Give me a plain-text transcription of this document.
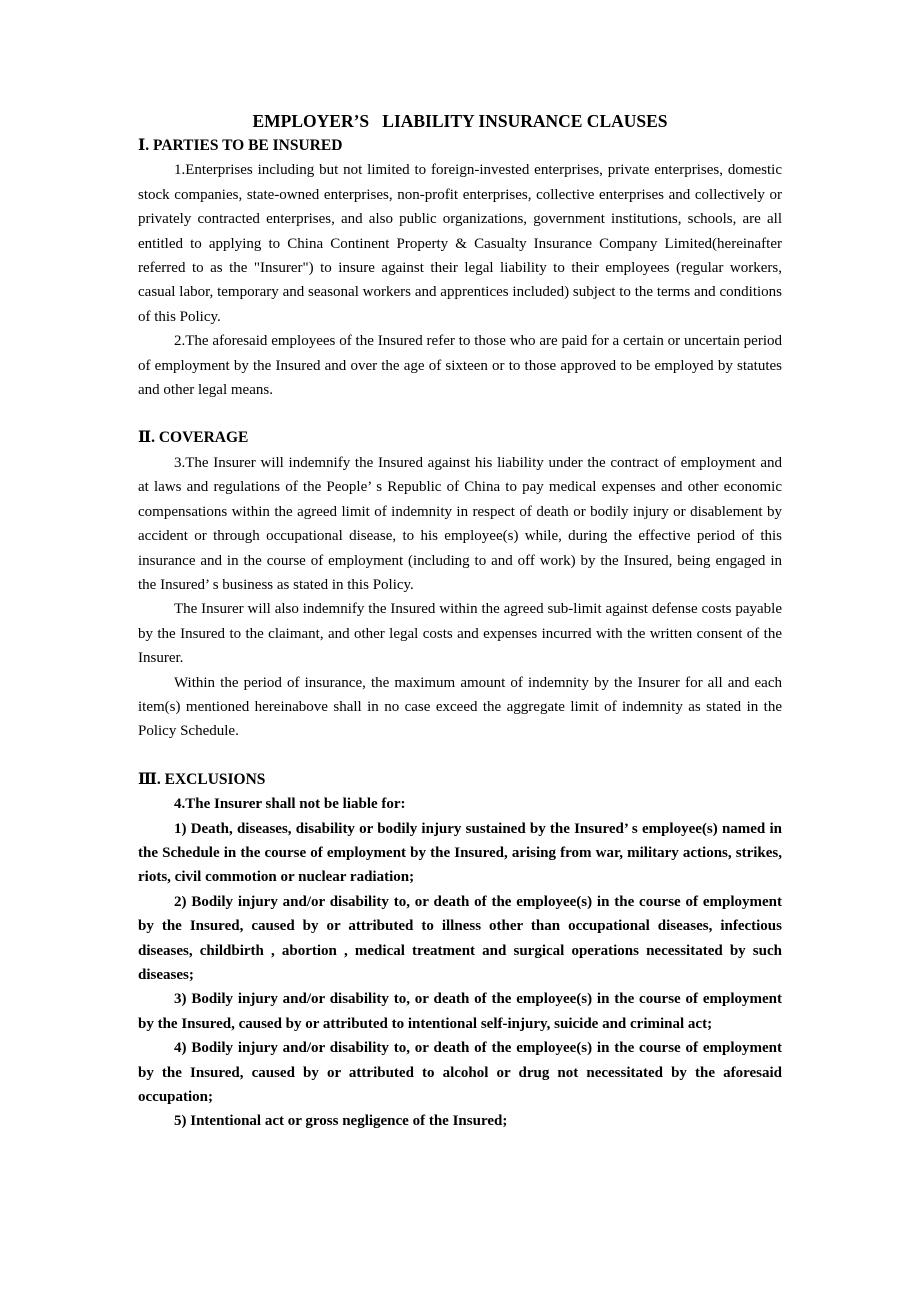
EMPLOYER’S   LIABILITY INSURANCE CLAUSES
Ⅰ. PARTIES TO BE INSURED

1.Enterprises including but not limited to foreign-invested enterprises, private enterprises, domestic stock companies, state-owned enterprises, non-profit enterprises, collective enterprises and collectively or privately contracted enterprises, and also public organizations, government institutions, schools, are all entitled to applying to China Continent Property & Casualty Insurance Company Limited(hereinafter referred to as the "Insurer") to insure against their legal liability to their employees (regular workers, casual labor, temporary and seasonal workers and apprentices included) subject to the terms and conditions of this Policy.

2.The aforesaid employees of the Insured refer to those who are paid for a certain or uncertain period of employment by the Insured and over the age of sixteen or to those approved to be employed by statutes and other legal means.

Ⅱ. COVERAGE

3.The Insurer will indemnify the Insured against his liability under the contract of employment and at laws and regulations of the People’ s Republic of China to pay medical expenses and other economic compensations within the agreed limit of indemnity in respect of death or bodily injury or disablement by accident or through occupational disease, to his employee(s) while, during the effective period of this insurance and in the course of employment (including to and off work) by the Insured, being engaged in the Insured’ s business as stated in this Policy.

The Insurer will also indemnify the Insured within the agreed sub-limit against defense costs payable by the Insured to the claimant, and other legal costs and expenses incurred with the written consent of the Insurer.

Within the period of insurance, the maximum amount of indemnity by the Insurer for all and each item(s) mentioned hereinabove shall in no case exceed the aggregate limit of indemnity as stated in the Policy Schedule.

Ⅲ. EXCLUSIONS

4.The Insurer shall not be liable for:

1) Death, diseases, disability or bodily injury sustained by the Insured’ s employee(s) named in the Schedule in the course of employment by the Insured, arising from war, military actions, strikes, riots, civil commotion or nuclear radiation;

2) Bodily injury and/or disability to, or death of the employee(s) in the course of employment by the Insured, caused by or attributed to illness other than occupational diseases, infectious diseases, childbirth , abortion , medical treatment and surgical operations necessitated by such diseases;

3) Bodily injury and/or disability to, or death of the employee(s) in the course of employment by the Insured, caused by or attributed to intentional self-injury, suicide and criminal act;

4) Bodily injury and/or disability to, or death of the employee(s) in the course of employment by the Insured, caused by or attributed to alcohol or drug not necessitated by the aforesaid occupation;

5) Intentional act or gross negligence of the Insured;
